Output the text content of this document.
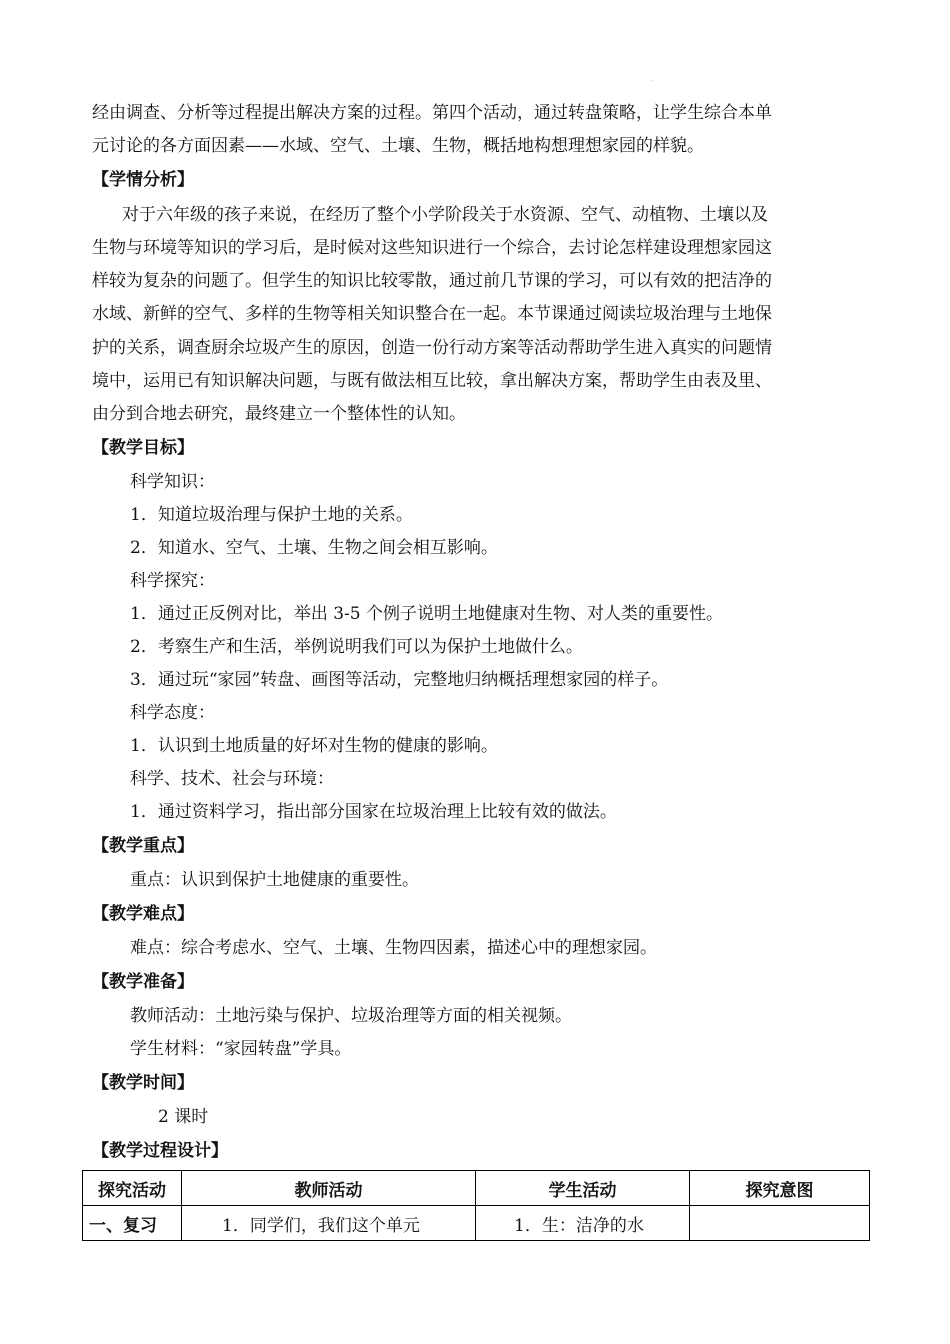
·
经由调查、分析等过程提出解决方案的过程。第四个活动，通过转盘策略，让学生综合本单
元讨论的各方面因素——水域、空气、土壤、生物，概括地构想理想家园的样貌。
【学情分析】
对于六年级的孩子来说，在经历了整个小学阶段关于水资源、空气、动植物、土壤以及
生物与环境等知识的学习后，是时候对这些知识进行一个综合，去讨论怎样建设理想家园这
样较为复杂的问题了。但学生的知识比较零散，通过前几节课的学习，可以有效的把洁净的
水域、新鲜的空气、多样的生物等相关知识整合在一起。本节课通过阅读垃圾治理与土地保
护的关系，调查厨余垃圾产生的原因，创造一份行动方案等活动帮助学生进入真实的问题情
境中，运用已有知识解决问题，与既有做法相互比较，拿出解决方案，帮助学生由表及里、
由分到合地去研究，最终建立一个整体性的认知。
【教学目标】
科学知识：
1．知道垃圾治理与保护土地的关系。
2．知道水、空气、土壤、生物之间会相互影响。
科学探究：
1．通过正反例对比，举出 3-5 个例子说明土地健康对生物、对人类的重要性。
2．考察生产和生活，举例说明我们可以为保护土地做什么。
3．通过玩“家园”转盘、画图等活动，完整地归纳概括理想家园的样子。
科学态度：
1．认识到土地质量的好坏对生物的健康的影响。
科学、技术、社会与环境：
1．通过资料学习，指出部分国家在垃圾治理上比较有效的做法。
【教学重点】
重点：认识到保护土地健康的重要性。
【教学难点】
难点：综合考虑水、空气、土壤、生物四因素，描述心中的理想家园。
【教学准备】
教师活动：土地污染与保护、垃圾治理等方面的相关视频。
学生材料：“家园转盘”学具。
【教学时间】
2 课时
【教学过程设计】
探究活动	教师活动	学生活动	探究意图
一、复习	1．同学们，我们这个单元	1．生：洁净的水	
